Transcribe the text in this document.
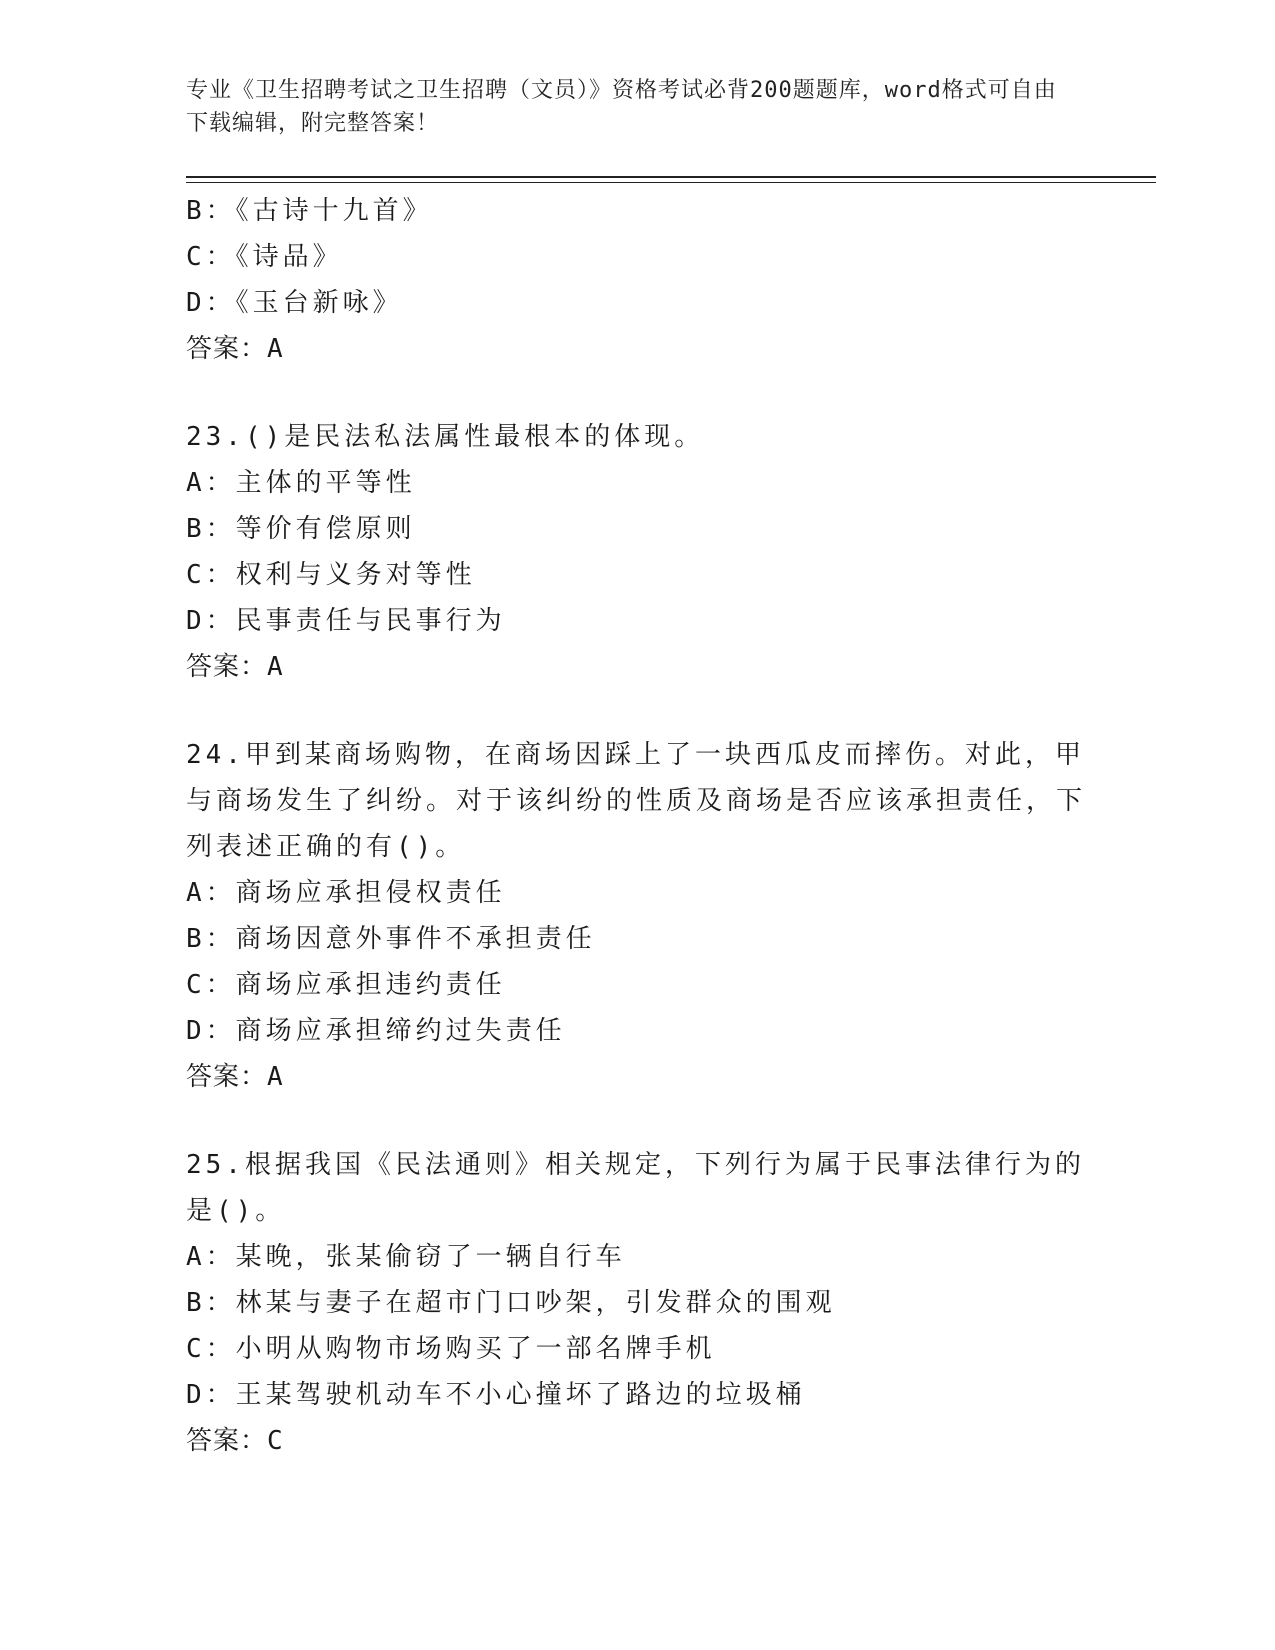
专业《卫生招聘考试之卫生招聘（文员）》资格考试必背200题题库，word格式可自由下载编辑，附完整答案！
B：《古诗十九首》
C：《诗品》
D：《玉台新咏》
答案：A
23.()是民法私法属性最根本的体现。
A：主体的平等性
B：等价有偿原则
C：权利与义务对等性
D：民事责任与民事行为
答案：A
24.甲到某商场购物，在商场因踩上了一块西瓜皮而摔伤。对此，甲与商场发生了纠纷。对于该纠纷的性质及商场是否应该承担责任，下列表述正确的有()。
A：商场应承担侵权责任
B：商场因意外事件不承担责任
C：商场应承担违约责任
D：商场应承担缔约过失责任
答案：A
25.根据我国《民法通则》相关规定，下列行为属于民事法律行为的是()。
A：某晚，张某偷窃了一辆自行车
B：林某与妻子在超市门口吵架，引发群众的围观
C：小明从购物市场购买了一部名牌手机
D：王某驾驶机动车不小心撞坏了路边的垃圾桶
答案：C
